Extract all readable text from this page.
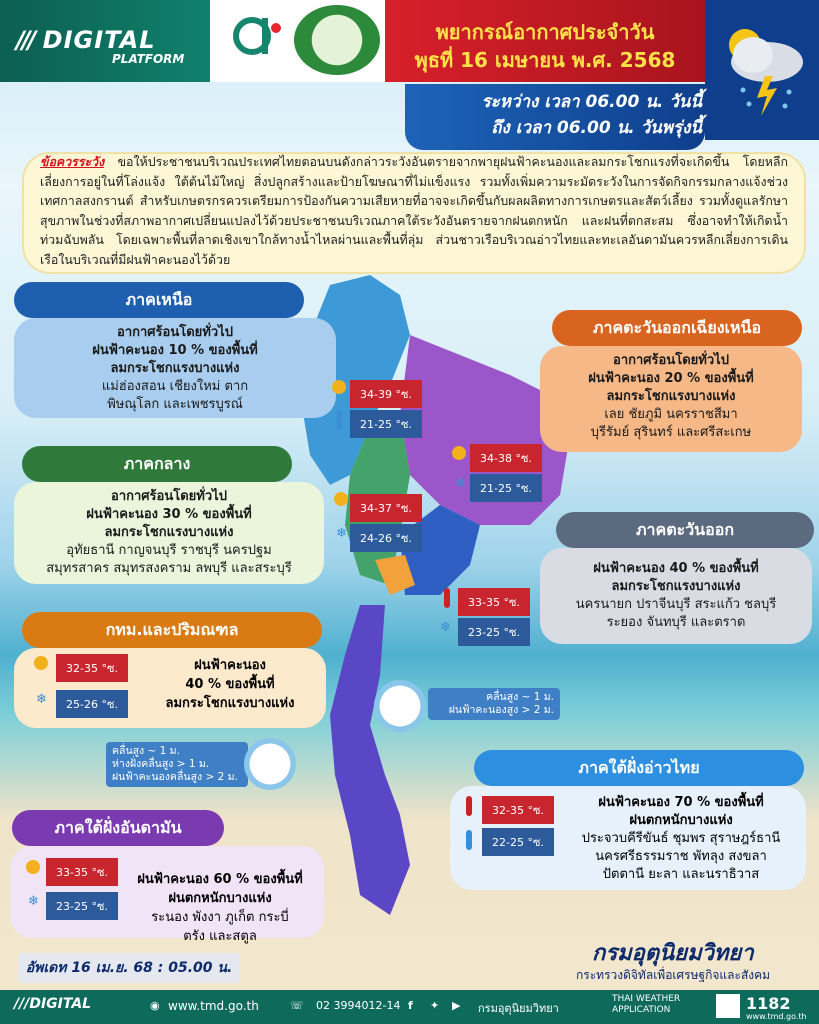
/// DIGITAL
PLATFORM
พยากรณ์อากาศประจำวัน
พุธที่ 16 เมษายน พ.ศ. 2568
ระหว่าง เวลา 06.00 น. วันนี้
ถึง เวลา 06.00 น. วันพรุ่งนี้
ข้อควรระวัง ขอให้ประชาชนบริเวณประเทศไทยตอนบนดังกล่าวระวังอันตรายจากพายุฝนฟ้าคะนองและลมกระโชกแรงที่จะเกิดขึ้น โดยหลีกเลี่ยงการอยู่ในที่โล่งแจ้ง ใต้ต้นไม้ใหญ่ สิ่งปลูกสร้างและป้ายโฆษณาที่ไม่แข็งแรง รวมทั้งเพิ่มความระมัดระวังในการจัดกิจกรรมกลางแจ้งช่วงเทศกาลสงกรานต์ สำหรับเกษตรกรควรเตรียมการป้องกันความเสียหายที่อาจจะเกิดขึ้นกับผลผลิตทางการเกษตรและสัตว์เลี้ยง รวมทั้งดูแลรักษาสุขภาพในช่วงที่สภาพอากาศเปลี่ยนแปลงไว้ด้วยประชาชนบริเวณภาคใต้ระวังอันตรายจากฝนตกหนัก และฝนที่ตกสะสม ซึ่งอาจทำให้เกิดน้ำท่วมฉับพลัน โดยเฉพาะพื้นที่ลาดเชิงเขาใกล้ทางน้ำไหลผ่านและพื้นที่ลุ่ม ส่วนชาวเรือบริเวณอ่าวไทยและทะเลอันดามันควรหลีกเลี่ยงการเดินเรือในบริเวณที่มีฝนฟ้าคะนองไว้ด้วย
ภาคเหนือ
อากาศร้อนโดยทั่วไป
ฝนฟ้าคะนอง 10 % ของพื้นที่
ลมกระโชกแรงบางแห่ง
แม่ฮ่องสอน เชียงใหม่ ตาก
พิษณุโลก และเพชรบูรณ์
34-39 °ซ.
21-25 °ซ.
ภาคตะวันออกเฉียงเหนือ
อากาศร้อนโดยทั่วไป
ฝนฟ้าคะนอง 20 % ของพื้นที่
ลมกระโชกแรงบางแห่ง
เลย ชัยภูมิ นครราชสีมา
บุรีรัมย์ สุรินทร์ และศรีสะเกษ
34-38 °ซ.
21-25 °ซ.
❄
ภาคกลาง
อากาศร้อนโดยทั่วไป
ฝนฟ้าคะนอง 30 % ของพื้นที่
ลมกระโชกแรงบางแห่ง
อุทัยธานี กาญจนบุรี ราชบุรี นครปฐม
สมุทรสาคร สมุทรสงคราม ลพบุรี และสระบุรี
34-37 °ซ.
24-26 °ซ.
❄	ภาคตะวันออก
ฝนฟ้าคะนอง 40 % ของพื้นที่
ลมกระโชกแรงบางแห่ง
นครนายก ปราจีนบุรี สระแก้ว ชลบุรี
ระยอง จันทบุรี และตราด
33-35 °ซ.
23-25 °ซ.
❄
กทม.และปริมณฑล
32-35 °ซ.
25-26 °ซ.
❄
ฝนฟ้าคะนอง
40 % ของพื้นที่
ลมกระโชกแรงบางแห่ง	คลื่นสูง ~ 1 ม.
ฝนฟ้าคะนองสูง > 2 ม.
คลื่นสูง ~ 1 ม.
ห่างฝั่งคลื่นสูง > 1 ม.
ฝนฟ้าคะนองคลื่นสูง > 2 ม.
ภาคใต้ฝั่งอ่าวไทย
32-35 °ซ.
22-25 °ซ.
ฝนฟ้าคะนอง 70 % ของพื้นที่
ฝนตกหนักบางแห่ง
ประจวบคีรีขันธ์ ชุมพร สุราษฎร์ธานี
นครศรีธรรมราช พัทลุง สงขลา
ปัตตานี ยะลา และนราธิวาส
ภาคใต้ฝั่งอันดามัน
33-35 °ซ.
23-25 °ซ.
❄
ฝนฟ้าคะนอง 60 % ของพื้นที่
ฝนตกหนักบางแห่ง
ระนอง พังงา ภูเก็ต กระบี่
ตรัง และสตูล
อัพเดท 16 เม.ย. 68 : 05.00 น.
กรมอุตุนิยมวิทยา
กระทรวงดิจิทัลเพื่อเศรษฐกิจและสังคม
///DIGITAL	◉ www.tmd.go.th	☏ 02 3994012-14 f ✦ ▶ กรมอุตุนิยมวิทยา
THAI WEATHER
APPLICATION	1182
www.tmd.go.th
